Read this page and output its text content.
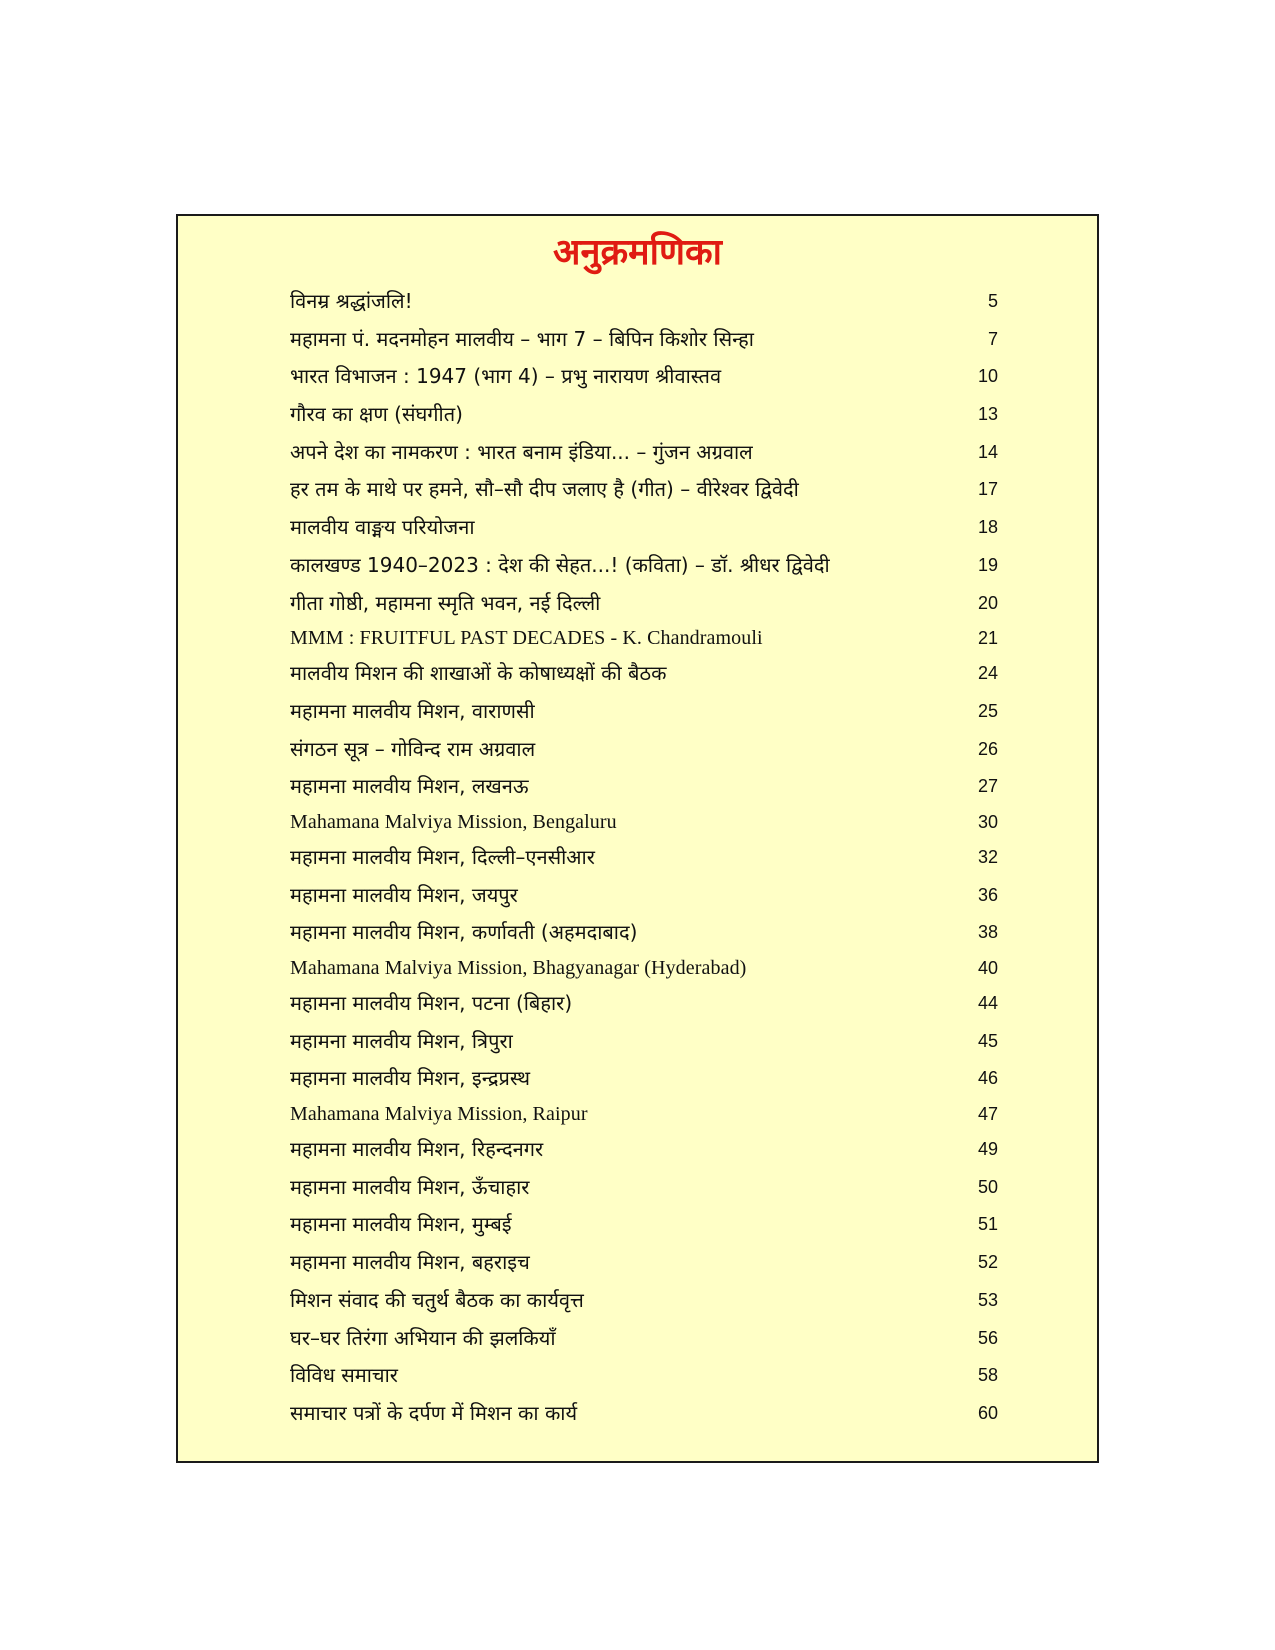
अनुक्रमणिका
विनम्र श्रद्धांजलि!	5
महामना पं. मदनमोहन मालवीय – भाग 7 – बिपिन किशोर सिन्हा	7
भारत विभाजन : 1947 (भाग 4) – प्रभु नारायण श्रीवास्तव	10
गौरव का क्षण (संघगीत)	13
अपने देश का नामकरण : भारत बनाम इंडिया... – गुंजन अग्रवाल	14
हर तम के माथे पर हमने, सौ–सौ दीप जलाए है (गीत) – वीरेश्वर द्विवेदी	17
मालवीय वाङ्मय परियोजना	18
कालखण्ड 1940–2023 : देश की सेहत...! (कविता) – डॉ. श्रीधर द्विवेदी	19
गीता गोष्ठी, महामना स्मृति भवन, नई दिल्ली	20
MMM : FRUITFUL PAST DECADES - K. Chandramouli	21
मालवीय मिशन की शाखाओं के कोषाध्यक्षों की बैठक	24
महामना मालवीय मिशन, वाराणसी	25
संगठन सूत्र – गोविन्द राम अग्रवाल	26
महामना मालवीय मिशन, लखनऊ	27
Mahamana Malviya Mission, Bengaluru	30
महामना मालवीय मिशन, दिल्ली–एनसीआर	32
महामना मालवीय मिशन, जयपुर	36
महामना मालवीय मिशन, कर्णावती (अहमदाबाद)	38
Mahamana Malviya Mission, Bhagyanagar (Hyderabad)	40
महामना मालवीय मिशन, पटना (बिहार)	44
महामना मालवीय मिशन, त्रिपुरा	45
महामना मालवीय मिशन, इन्द्रप्रस्थ	46
Mahamana Malviya Mission, Raipur	47
महामना मालवीय मिशन, रिहन्दनगर	49
महामना मालवीय मिशन, ऊँचाहार	50
महामना मालवीय मिशन, मुम्बई	51
महामना मालवीय मिशन, बहराइच	52
मिशन संवाद की चतुर्थ बैठक का कार्यवृत्त	53
घर–घर तिरंगा अभियान की झलकियाँ	56
विविध समाचार	58
समाचार पत्रों के दर्पण में मिशन का कार्य	60
